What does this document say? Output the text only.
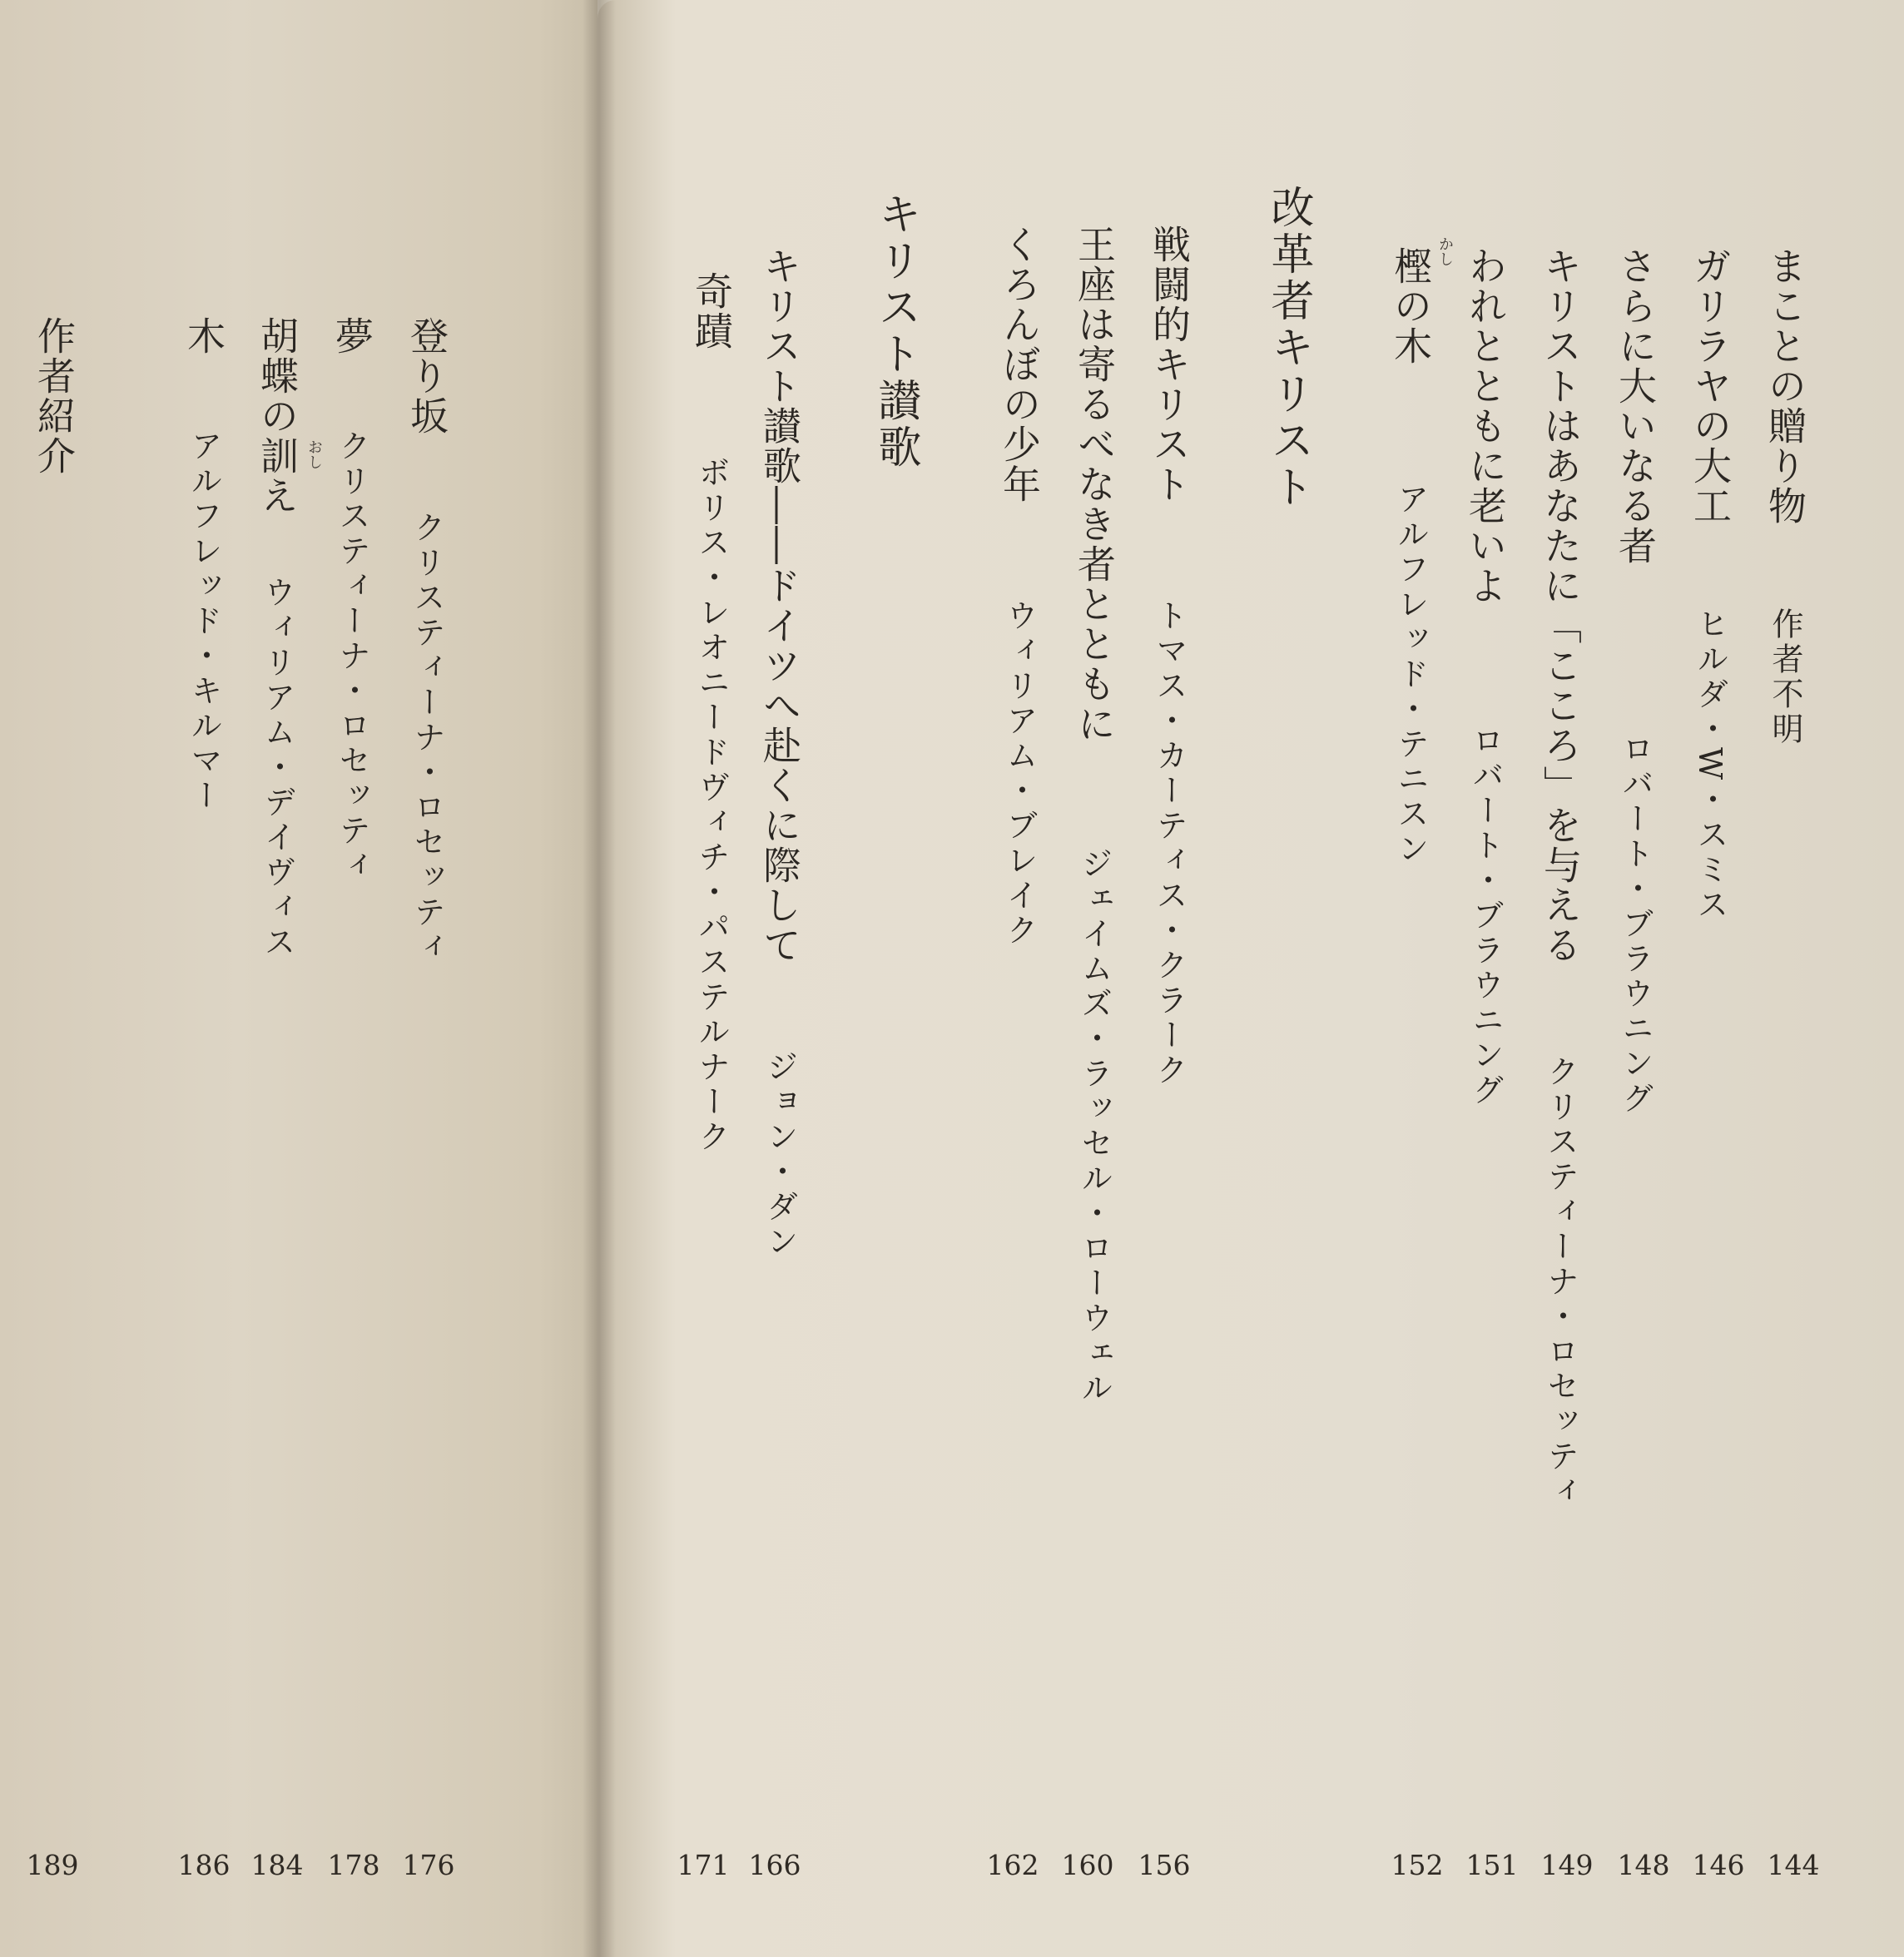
まことの贈り物
作者不明
144
ガリラヤの大工
ヒルダ・W・スミス
146
さらに大いなる者
ロバート・ブラウニング
148
キリストはあなたに「こころ」を与える
クリスティーナ・ロセッティ
149
われとともに老いよ
ロバート・ブラウニング
151
かし
樫の木
アルフレッド・テニスン
152
改革者キリスト
戦闘的キリスト
トマス・カーティス・クラーク
156
王座は寄るべなき者とともに
ジェイムズ・ラッセル・ローウェル
160
くろんぼの少年
ウィリアム・ブレイク
162
キリスト讃歌
キリスト讃歌――ドイツへ赴くに際して
ジョン・ダン
166
奇蹟
ボリス・レオニードヴィチ・パステルナーク
171
登り坂
クリスティーナ・ロセッティ
176
夢
クリスティーナ・ロセッティ
178
おし
胡蝶の訓え
ウィリアム・デイヴィス
184
木
アルフレッド・キルマー
186
作者紹介
189
